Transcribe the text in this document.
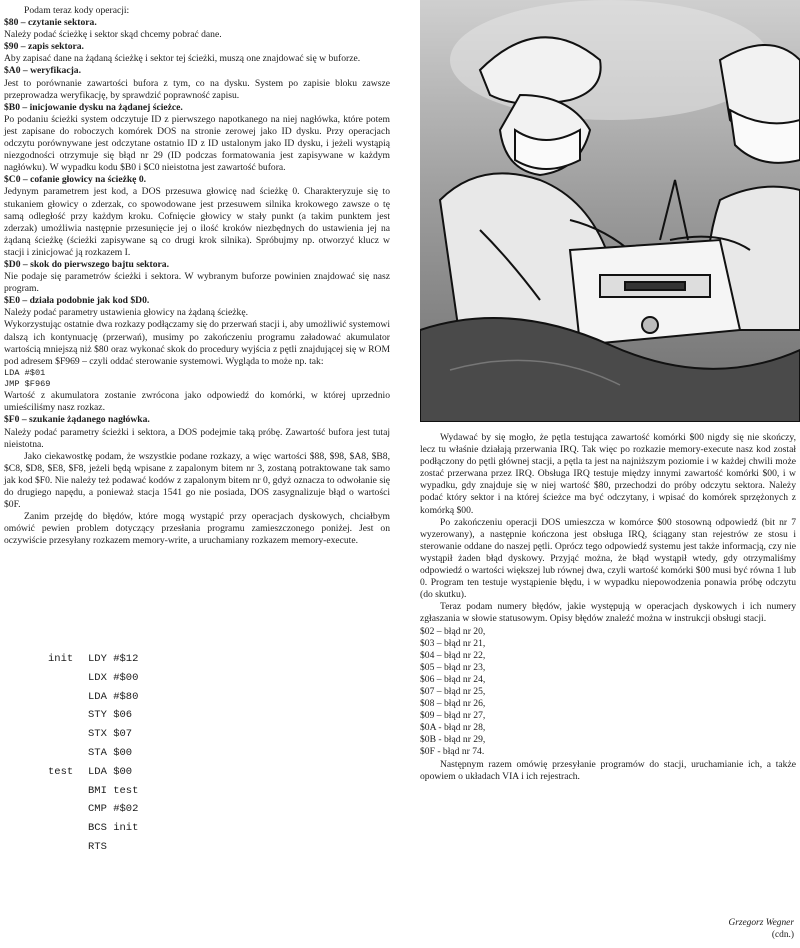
Podam teraz kody operacji:
$80 – czytanie sektora.
Należy podać ścieżkę i sektor skąd chcemy pobrać dane.
$90 – zapis sektora.
Aby zapisać dane na żądaną ścieżkę i sektor tej ścieżki, muszą one znajdować się w buforze.
$A0 – weryfikacja.
Jest to porównanie zawartości bufora z tym, co na dysku. System po zapisie bloku zawsze przeprowadza weryfikację, by sprawdzić poprawność zapisu.
$B0 – inicjowanie dysku na żądanej ścieżce.
Po podaniu ścieżki system odczytuje ID z pierwszego napotkanego na niej nagłówka, które potem jest zapisane do roboczych komórek DOS na stronie zerowej jako ID dysku. Przy operacjach odczytu porównywane jest odczytane ostatnio ID z ID ustalonym jako ID dysku, i jeżeli wystąpią niezgodności otrzymuje się błąd nr 29 (ID podczas formatowania jest zapisywane w każdym nagłówku). W wypadku kodu $B0 i $C0 nieistotna jest zawartość bufora.
$C0 – cofanie głowicy na ścieżkę 0.
Jedynym parametrem jest kod, a DOS przesuwa głowicę nad ścieżkę 0. Charakteryzuje się to stukaniem głowicy o zderzak, co spowodowane jest przesuwem silnika krokowego zawsze o tę samą odległość przy każdym kroku. Cofnięcie głowicy w stały punkt (a takim punktem jest zderzak) umożliwia następnie przesunięcie jej o ilość kroków niezbędnych do ustawienia jej na żądaną ścieżkę (ścieżki zapisywane są co drugi krok silnika). Spróbujmy np. otworzyć klucz w stacji i zinicjować ją rozkazem I.
$D0 – skok do pierwszego bajtu sektora.
Nie podaje się parametrów ścieżki i sektora. W wybranym buforze powinien znajdować się nasz program.
$E0 – działa podobnie jak kod $D0.
Należy podać parametry ustawienia głowicy na żądaną ścieżkę.
Wykorzystując ostatnie dwa rozkazy podłączamy się do przerwań stacji i, aby umożliwić systemowi dalszą ich kontynuację (przerwań), musimy po zakończeniu programu załadować akumulator wartością mniejszą niż $80 oraz wykonać skok do procedury wyjścia z pętli znajdującej się w ROM pod adresem $F969 – czyli oddać sterowanie systemowi. Wygląda to może np. tak:
LDA #$01
JMP $F969
Wartość z akumulatora zostanie zwrócona jako odpowiedź do komórki, w której uprzednio umieściliśmy nasz rozkaz.
$F0 – szukanie żądanego nagłówka.
Należy podać parametry ścieżki i sektora, a DOS podejmie taką próbę. Zawartość bufora jest tutaj nieistotna.
Jako ciekawostkę podam, że wszystkie podane rozkazy, a więc wartości $88, $98, $A8, $B8, $C8, $D8, $E8, $F8, jeżeli będą wpisane z zapalonym bitem nr 3, zostaną potraktowane tak samo jak kod $F0. Nie należy też podawać kodów z zapalonym bitem nr 0, gdyż oznacza to odwołanie się do drugiego napędu, a ponieważ stacja 1541 go nie posiada, DOS zasygnalizuje błąd o wartości $0F.
Zanim przejdę do błędów, które mogą wystąpić przy operacjach dyskowych, chciałbym omówić pewien problem dotyczący przesłania programu zamieszczonego poniżej. Jest on oczywiście przesyłany rozkazem memory-write, a uruchamiany rozkazem memory-execute.
init	LDY #$12
LDX #$00
LDA #$80
STY $06
STX $07
STA $00
test	LDA $00
BMI test
CMP #$02
BCS init
RTS
Wydawać by się mogło, że pętla testująca zawartość komórki $00 nigdy się nie skończy, lecz tu właśnie działają przerwania IRQ. Tak więc po rozkazie memory-execute nasz kod został podłączony do pętli głównej stacji, a pętla ta jest na najniższym poziomie i w każdej chwili może zostać przerwana przez IRQ. Obsługa IRQ testuje między innymi zawartość komórki $00, i w wypadku, gdy znajduje się w niej wartość $80, przechodzi do próby odczytu sektora. Należy podać który sektor i na której ścieżce ma być odczytany, i wpisać do komórek sprzężonych z komórką $00.
Po zakończeniu operacji DOS umieszcza w komórce $00 stosowną odpowiedź (bit nr 7 wyzerowany), a następnie kończona jest obsługa IRQ, ściągany stan rejestrów ze stosu i sterowanie oddane do naszej pętli. Oprócz tego odpowiedź systemu jest także informacją, czy nie wystąpił żaden błąd dyskowy. Przyjąć można, że błąd wystąpił wtedy, gdy otrzymaliśmy odpowiedź o wartości większej lub równej dwa, czyli wartość komórki $00 musi być równa 1 lub 0. Program ten testuje wystąpienie błędu, i w wypadku niepowodzenia ponawia próbę odczytu (do skutku).
Teraz podam numery błędów, jakie występują w operacjach dyskowych i ich numery zgłaszania w słowie statusowym. Opisy błędów znaleźć można w instrukcji obsługi stacji.
$02 – błąd nr 20,
$03 – błąd nr 21,
$04 – błąd nr 22,
$05 – błąd nr 23,
$06 – błąd nr 24,
$07 – błąd nr 25,
$08 – błąd nr 26,
$09 – błąd nr 27,
$0A - błąd nr 28,
$0B - błąd nr 29,
$0F - błąd nr 74.
Następnym razem omówię przesyłanie programów do stacji, uruchamianie ich, a także opowiem o układach VIA i ich rejestrach.
Grzegorz Wegner
(cdn.)
